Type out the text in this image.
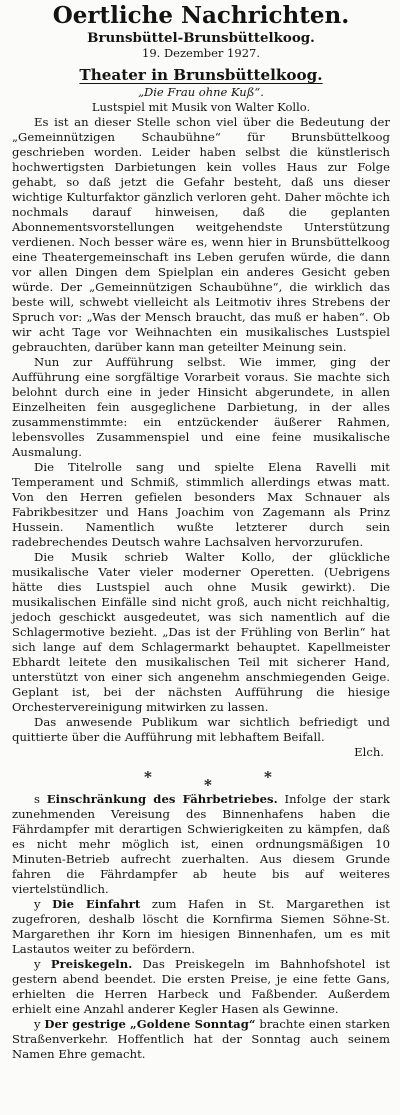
Oertliche Nachrichten.

Brunsbüttel-Brunsbüttelkoog.

19. Dezember 1927.

Theater in Brunsbüttelkoog.

„Die Frau ohne Kuß“.

Lustspiel mit Musik von Walter Kollo.

Es ist an dieser Stelle schon viel über die Bedeutung der „Gemeinnützigen Schaubühne“ für Brunsbüttelkoog geschrieben worden. Leider haben selbst die künstlerisch hochwertigsten Darbietungen kein volles Haus zur Folge gehabt, so daß jetzt die Gefahr besteht, daß uns dieser wichtige Kulturfaktor gänzlich verloren geht. Daher möchte ich nochmals darauf hinweisen, daß die geplanten Abonnementsvorstellungen weitgehendste Unterstützung verdienen. Noch besser wäre es, wenn hier in Brunsbüttelkoog eine Theatergemeinschaft ins Leben gerufen würde, die dann vor allen Dingen dem Spielplan ein anderes Gesicht geben würde. Der „Gemeinnützigen Schaubühne“, die wirklich das beste will, schwebt vielleicht als Leitmotiv ihres Strebens der Spruch vor: „Was der Mensch braucht, das muß er haben“. Ob wir acht Tage vor Weihnachten ein musikalisches Lustspiel gebrauchten, darüber kann man geteilter Meinung sein.

Nun zur Aufführung selbst. Wie immer, ging der Aufführung eine sorgfältige Vorarbeit voraus. Sie machte sich belohnt durch eine in jeder Hinsicht abgerundete, in allen Einzelheiten fein ausgeglichene Darbietung, in der alles zusammenstimmte: ein entzückender äußerer Rahmen, lebensvolles Zusammenspiel und eine feine musikalische Ausmalung.

Die Titelrolle sang und spielte Elena Ravelli mit Temperament und Schmiß, stimmlich allerdings etwas matt. Von den Herren gefielen besonders Max Schnauer als Fabrikbesitzer und Hans Joachim von Zagemann als Prinz Hussein. Namentlich wußte letzterer durch sein radebrechendes Deutsch wahre Lachsalven hervorzurufen.

Die Musik schrieb Walter Kollo, der glückliche musikalische Vater vieler moderner Operetten. (Uebrigens hätte dies Lustspiel auch ohne Musik gewirkt). Die musikalischen Einfälle sind nicht groß, auch nicht reichhaltig, jedoch geschickt ausgedeutet, was sich namentlich auf die Schlagermotive bezieht. „Das ist der Frühling von Berlin“ hat sich lange auf dem Schlagermarkt behauptet. Kapellmeister Ebhardt leitete den musikalischen Teil mit sicherer Hand, unterstützt von einer sich angenehm anschmiegenden Geige. Geplant ist, bei der nächsten Aufführung die hiesige Orchestervereinigung mitwirken zu lassen.

Das anwesende Publikum war sichtlich befriedigt und quittierte über die Aufführung mit lebhaftem Beifall.

Elch.

*	*	*

s Einschränkung des Fährbetriebes. Infolge der stark zunehmenden Vereisung des Binnenhafens haben die Fährdampfer mit derartigen Schwierigkeiten zu kämpfen, daß es nicht mehr möglich ist, einen ordnungsmäßigen 10 Minuten-Betrieb aufrecht zuerhalten. Aus diesem Grunde fahren die Fährdampfer ab heute bis auf weiteres viertelstündlich.

y Die Einfahrt zum Hafen in St. Margarethen ist zugefroren, deshalb löscht die Kornfirma Siemen Söhne-St. Margarethen ihr Korn im hiesigen Binnenhafen, um es mit Lastautos weiter zu befördern.

y Preiskegeln. Das Preiskegeln im Bahnhofshotel ist gestern abend beendet. Die ersten Preise, je eine fette Gans, erhielten die Herren Harbeck und Faßbender. Außerdem erhielt eine Anzahl anderer Kegler Hasen als Gewinne.

y Der gestrige „Goldene Sonntag“ brachte einen starken Straßenverkehr. Hoffentlich hat der Sonntag auch seinem Namen Ehre gemacht.
